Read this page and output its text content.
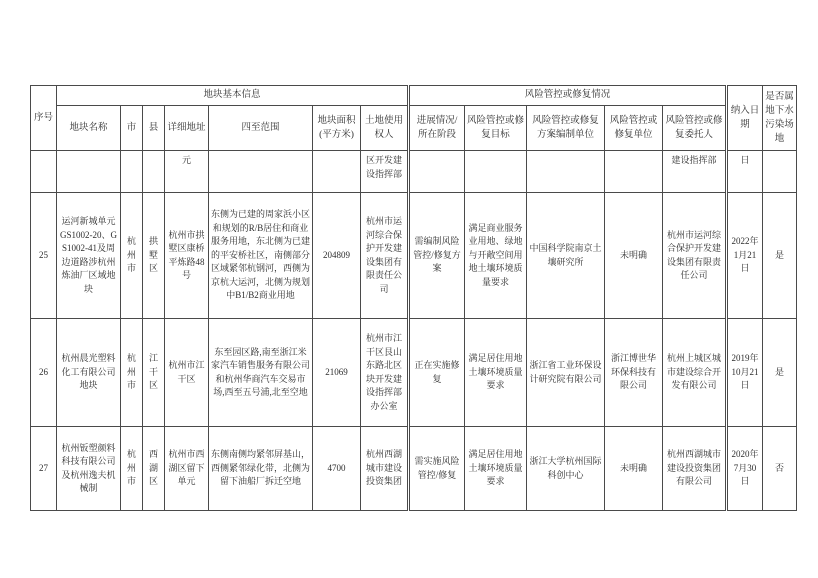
序号	地块基本信息							风险管控或修复情况					纳入日期	是否属地下水污染场地
	地块名称	市	县	详细地址	四至范围	地块面积(平方米)	土地使用权人	进展情况/所在阶段	风险管控或修复目标	风险管控或修复方案编制单位	风险管控或修复单位	风险管控或修复委托人		
				元			区开发建设指挥部					建设指挥部	日	
25	运河新城单元GS1002-20、GS1002-41及周边道路涉杭州炼油厂区域地块	杭州市	拱墅区	杭州市拱墅区康桥平炼路48号	东侧为已建的周家浜小区和规划的R/B居住和商业服务用地，东北侧为已建的平安桥社区，南侧部分区域紧邻杭钢河，西侧为京杭大运河，北侧为规划中B1/B2商业用地	204809	杭州市运河综合保护开发建设集团有限责任公司	需编制风险管控/修复方案	满足商业服务业用地、绿地与开敞空间用地土壤环境质量要求	中国科学院南京土壤研究所	未明确	杭州市运河综合保护开发建设集团有限责任公司	2022年1月21日	是
26	杭州晨光塑料化工有限公司地块	杭州市	江干区	杭州市江干区	东至园区路,南至浙江米家汽车销售服务有限公司和杭州华商汽车交易市场,西至五号浦,北至空地	21069	杭州市江干区艮山东路北区块开发建设指挥部办公室	正在实施修复	满足居住用地土壤环境质量要求	浙江省工业环保设计研究院有限公司	浙江博世华环保科技有限公司	杭州上城区城市建设综合开发有限公司	2019年10月21日	是
27	杭州钣塑颜料科技有限公司及杭州逸夫机械制	杭州市	西湖区	杭州市西湖区留下单元	东侧南侧均紧邻屏基山，西侧紧邻绿化带，北侧为留下油船厂拆迁空地	4700	杭州西湖城市建设投资集团	需实施风险管控/修复	满足居住用地土壤环境质量要求	浙江大学杭州国际科创中心	未明确	杭州西湖城市建设投资集团有限公司	2020年7月30日	否
